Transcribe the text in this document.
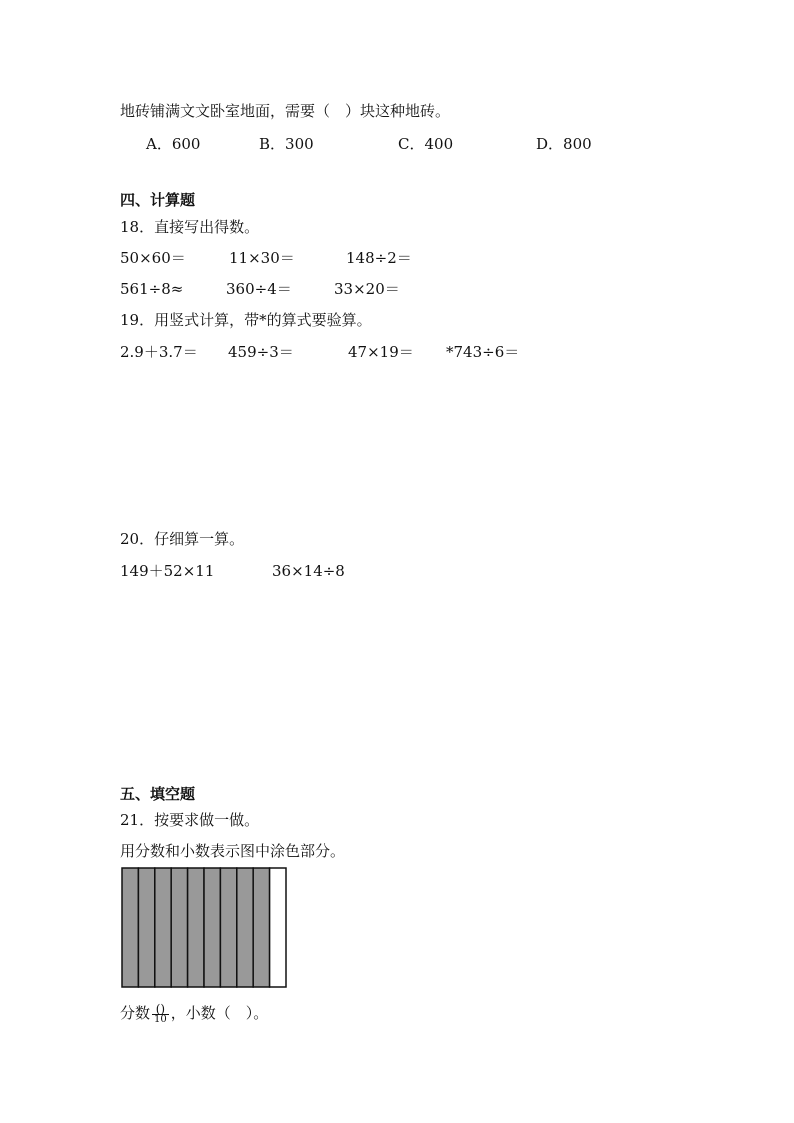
地砖铺满文文卧室地面，需要（　）块这种地砖。
A．600	B．300	C．400	D．800
四、计算题
18．直接写出得数。
50×60＝	11×30＝	148÷2＝
561÷8≈	360÷4＝	33×20＝
19．用竖式计算，带*的算式要验算。
2.9＋3.7＝ 459÷3＝	47×19＝ *743÷6＝
20．仔细算一算。
149＋52×11	36×14÷8
五、填空题
21．按要求做一做。
用分数和小数表示图中涂色部分。
分数 $\frac{()}{10}$ ，小数（　）。
